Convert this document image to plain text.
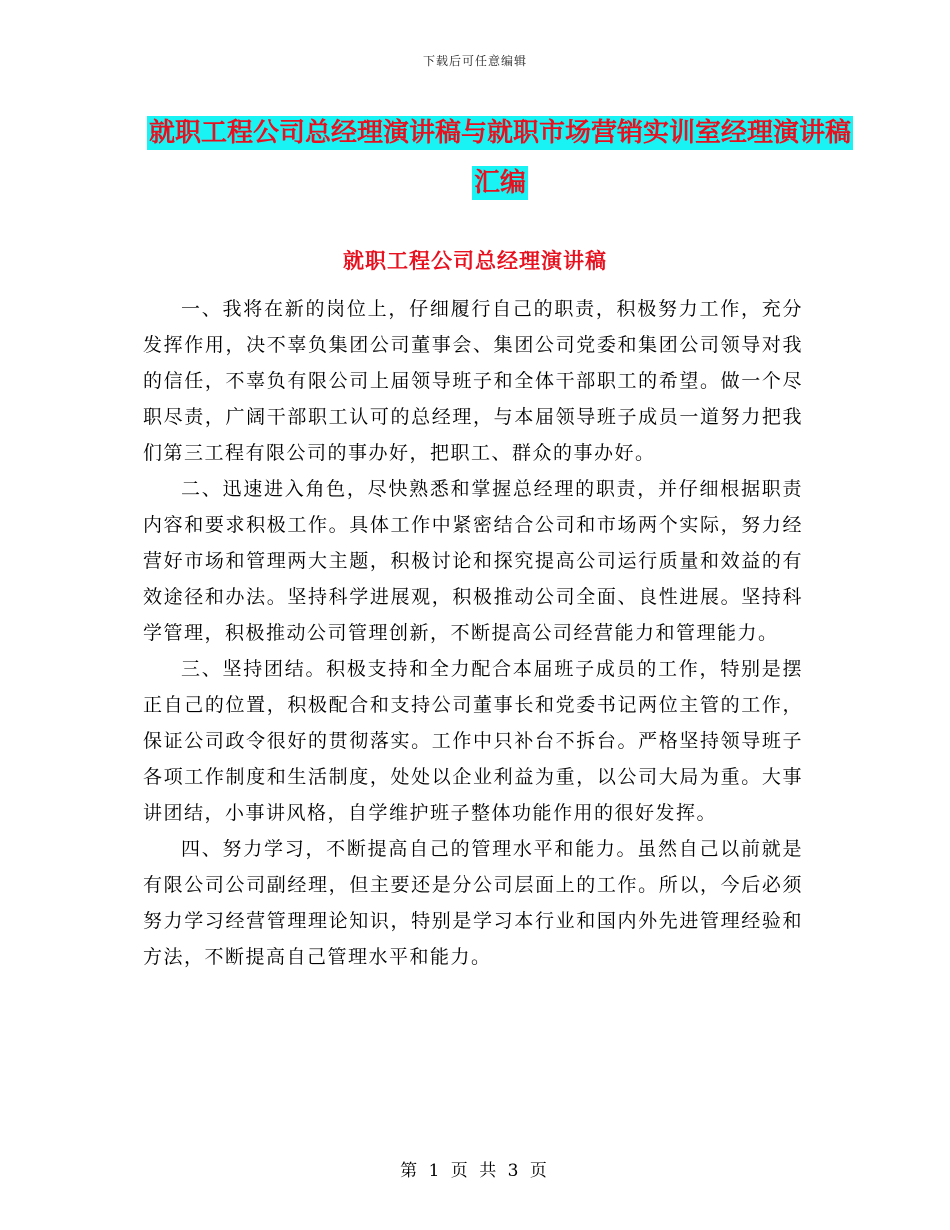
下载后可任意编辑
就职工程公司总经理演讲稿与就职市场营销实训室经理演讲稿汇编
就职工程公司总经理演讲稿

一、我将在新的岗位上，仔细履行自己的职责，积极努力工作，充分发挥作用，决不辜负集团公司董事会、集团公司党委和集团公司领导对我的信任，不辜负有限公司上届领导班子和全体干部职工的希望。做一个尽职尽责，广阔干部职工认可的总经理，与本届领导班子成员一道努力把我们第三工程有限公司的事办好，把职工、群众的事办好。

二、迅速进入角色，尽快熟悉和掌握总经理的职责，并仔细根据职责内容和要求积极工作。具体工作中紧密结合公司和市场两个实际，努力经营好市场和管理两大主题，积极讨论和探究提高公司运行质量和效益的有效途径和办法。坚持科学进展观，积极推动公司全面、良性进展。坚持科学管理，积极推动公司管理创新，不断提高公司经营能力和管理能力。

三、坚持团结。积极支持和全力配合本届班子成员的工作，特别是摆正自己的位置，积极配合和支持公司董事长和党委书记两位主管的工作，保证公司政令很好的贯彻落实。工作中只补台不拆台。严格坚持领导班子各项工作制度和生活制度，处处以企业利益为重，以公司大局为重。大事讲团结，小事讲风格，自学维护班子整体功能作用的很好发挥。

四、努力学习，不断提高自己的管理水平和能力。虽然自己以前就是有限公司公司副经理，但主要还是分公司层面上的工作。所以，今后必须努力学习经营管理理论知识，特别是学习本行业和国内外先进管理经验和方法，不断提高自己管理水平和能力。

第 1 页 共 3 页
